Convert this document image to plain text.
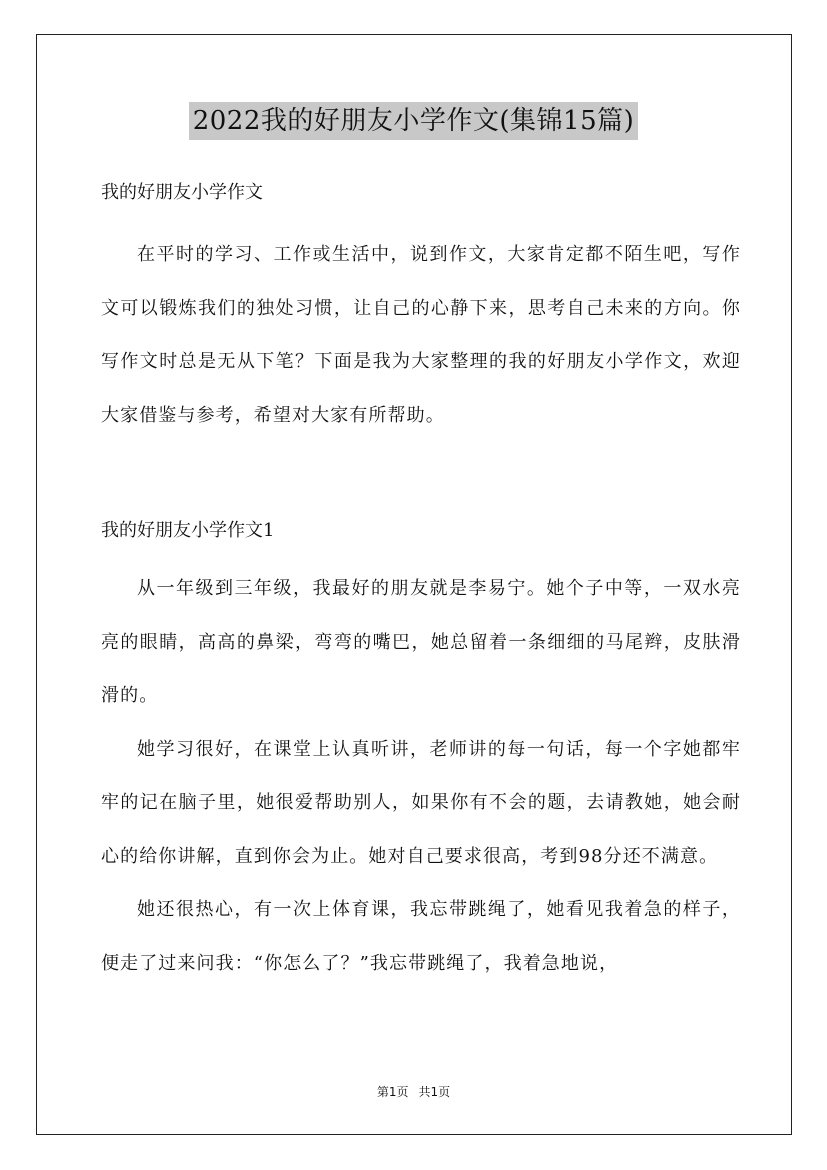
2022我的好朋友小学作文(集锦15篇)

我的好朋友小学作文

在平时的学习、工作或生活中，说到作文，大家肯定都不陌生吧，写作文可以锻炼我们的独处习惯，让自己的心静下来，思考自己未来的方向。你写作文时总是无从下笔？下面是我为大家整理的我的好朋友小学作文，欢迎大家借鉴与参考，希望对大家有所帮助。

我的好朋友小学作文1

从一年级到三年级，我最好的朋友就是李易宁。她个子中等，一双水亮亮的眼睛，高高的鼻梁，弯弯的嘴巴，她总留着一条细细的马尾辫，皮肤滑滑的。

她学习很好，在课堂上认真听讲，老师讲的每一句话，每一个字她都牢牢的记在脑子里，她很爱帮助别人，如果你有不会的题，去请教她，她会耐心的给你讲解，直到你会为止。她对自己要求很高，考到98分还不满意。

她还很热心，有一次上体育课，我忘带跳绳了，她看见我着急的样子，便走了过来问我：“你怎么了？”我忘带跳绳了，我着急地说，

第1页 共1页
